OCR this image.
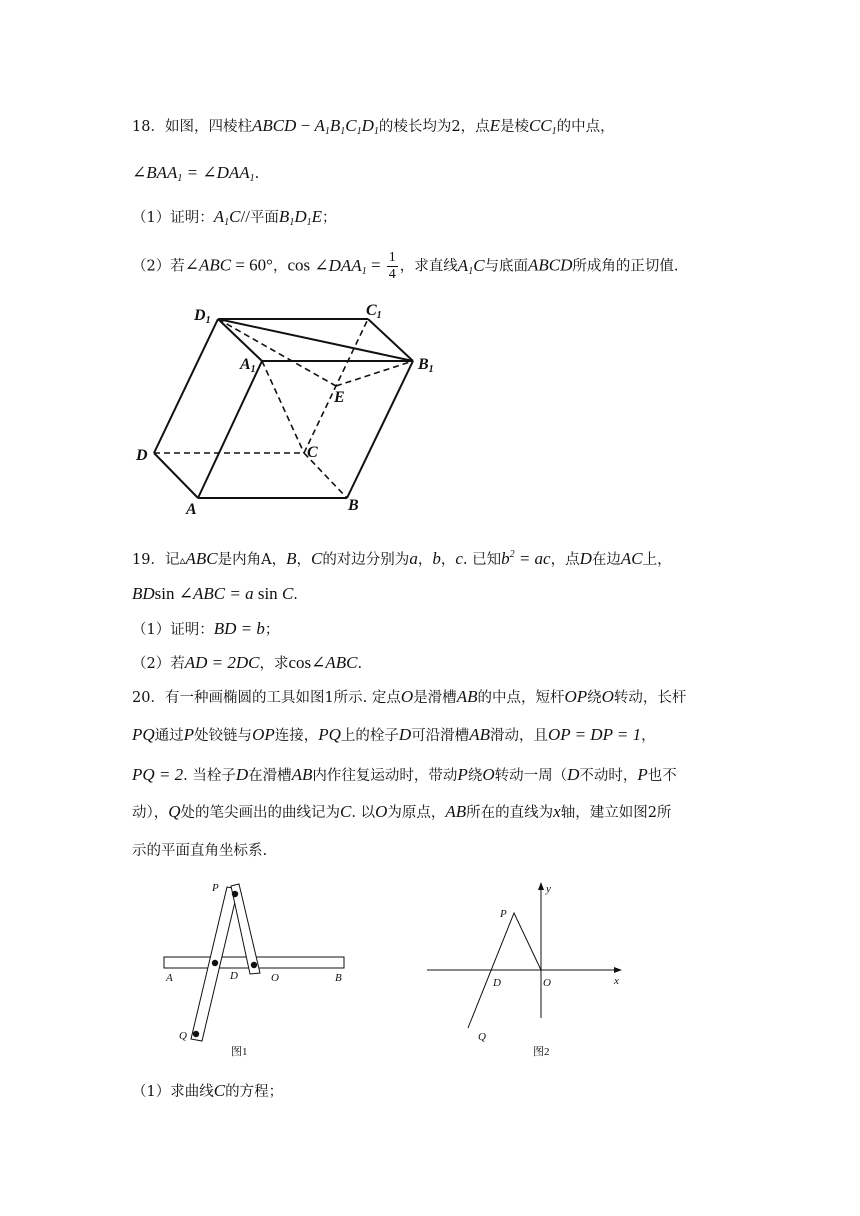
18．如图，四棱柱ABCD − $A_1B_1C_1D_1$的棱长均为2，点E是棱$CC_1$的中点，
$\angle BAA_1$ = $\angle DAA_1$.
（1）证明：$A_1C//$平面$B_1D_1E$；
（2）若∠ABC = 60°，$\cos \angle DAA_1 = \frac{1}{4}$ ，求直线$A_1C$与底面ABCD所成角的正切值.
D1
C1
A1	B1
E
C
D
A	B
19．记▵ABC是内角A，B，C的对边分别为a，b，c. 已知$b^2$ = ac，点D在边AC上，
BDsin ∠ABC = a sin C.
（1）证明：BD = b；
（2）若AD = 2DC，求cos∠ABC.
20．有一种画椭圆的工具如图1所示. 定点O是滑槽AB的中点，短杆OP绕O转动，长杆
PQ通过P处铰链与OP连接，PQ上的栓子D可沿滑槽AB滑动，且OP = DP = 1，
PQ = 2. 当栓子D在滑槽AB内作往复运动时，带动P绕O转动一周（D不动时，P也不
动），Q处的笔尖画出的曲线记为C. 以O为原点，AB所在的直线为x轴，建立如图2所
示的平面直角坐标系.
P
A	D	O	B
Q
图1
y
P
D	O	x
Q
图2
（1）求曲线C的方程；
